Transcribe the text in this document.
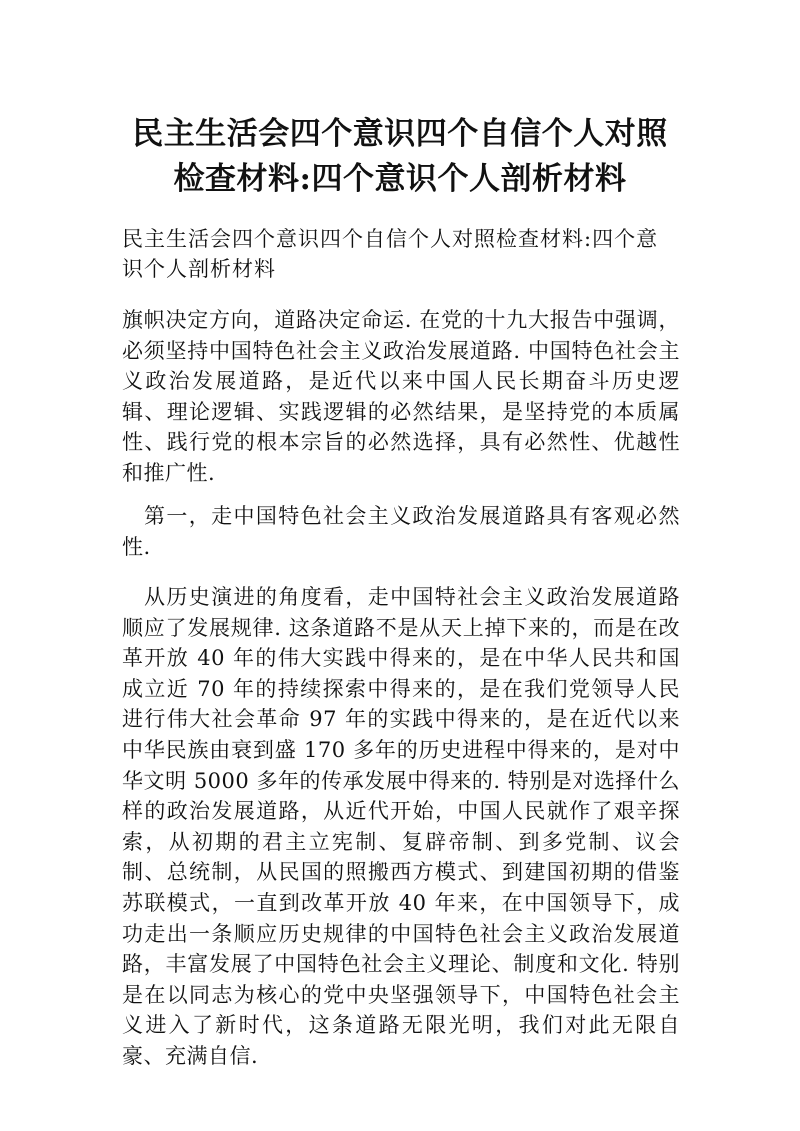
民主生活会四个意识四个自信个人对照检查材料:四个意识个人剖析材料

民主生活会四个意识四个自信个人对照检查材料:四个意识个人剖析材料

旗帜决定方向，道路决定命运. 在党的十九大报告中强调，必须坚持中国特色社会主义政治发展道路. 中国特色社会主义政治发展道路，是近代以来中国人民长期奋斗历史逻辑、理论逻辑、实践逻辑的必然结果，是坚持党的本质属性、践行党的根本宗旨的必然选择，具有必然性、优越性和推广性.

第一，走中国特色社会主义政治发展道路具有客观必然性.

从历史演进的角度看，走中国特社会主义政治发展道路顺应了发展规律. 这条道路不是从天上掉下来的，而是在改革开放 40 年的伟大实践中得来的，是在中华人民共和国成立近 70 年的持续探索中得来的，是在我们党领导人民进行伟大社会革命 97 年的实践中得来的，是在近代以来中华民族由衰到盛 170 多年的历史进程中得来的，是对中华文明 5000 多年的传承发展中得来的. 特别是对选择什么样的政治发展道路，从近代开始，中国人民就作了艰辛探索，从初期的君主立宪制、复辟帝制、到多党制、议会制、总统制，从民国的照搬西方模式、到建国初期的借鉴苏联模式，一直到改革开放 40 年来，在中国领导下，成功走出一条顺应历史规律的中国特色社会主义政治发展道路，丰富发展了中国特色社会主义理论、制度和文化. 特别是在以同志为核心的党中央坚强领导下，中国特色社会主义进入了新时代，这条道路无限光明，我们对此无限自豪、充满自信.
